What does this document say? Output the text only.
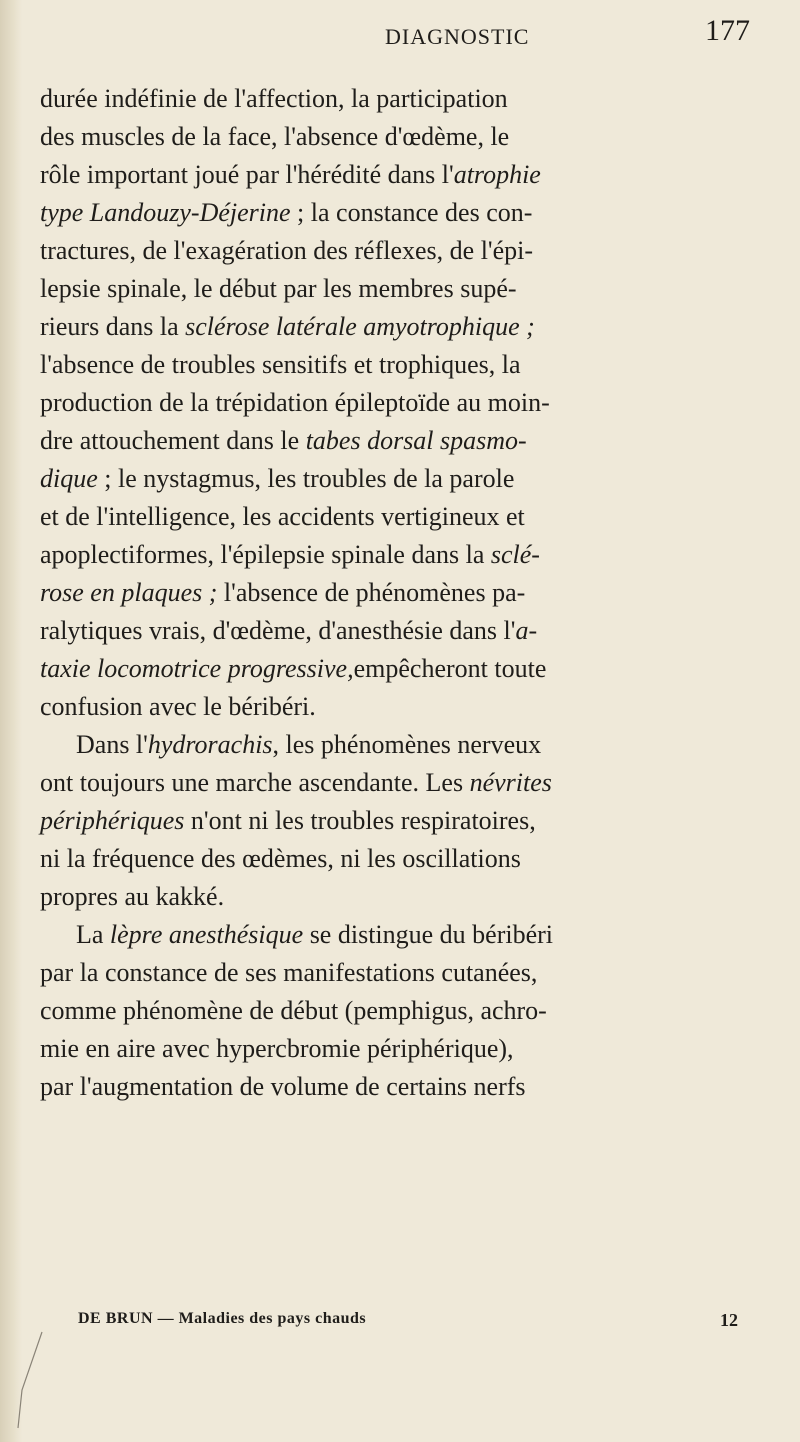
DIAGNOSTIC	177
durée indéfinie de l'affection, la participation
des muscles de la face, l'absence d'œdème, le
rôle important joué par l'hérédité dans l'atrophie
type Landouzy-Déjerine ; la constance des con-
tractures, de l'exagération des réflexes, de l'épi-
lepsie spinale, le début par les membres supé-
rieurs dans la sclérose latérale amyotrophique ;
l'absence de troubles sensitifs et trophiques, la
production de la trépidation épileptoïde au moin-
dre attouchement dans le tabes dorsal spasmo-
dique ; le nystagmus, les troubles de la parole
et de l'intelligence, les accidents vertigineux et
apoplectiformes, l'épilepsie spinale dans la sclé-
rose en plaques ; l'absence de phénomènes pa-
ralytiques vrais, d'œdème, d'anesthésie dans l'a-
taxie locomotrice progressive,empêcheront toute
confusion avec le béribéri.
Dans l'hydrorachis, les phénomènes nerveux
ont toujours une marche ascendante. Les névrites
périphériques n'ont ni les troubles respiratoires,
ni la fréquence des œdèmes, ni les oscillations
propres au kakké.
La lèpre anesthésique se distingue du béribéri
par la constance de ses manifestations cutanées,
comme phénomène de début (pemphigus, achro-
mie en aire avec hypercbromie périphérique),
par l'augmentation de volume de certains nerfs
DE BRUN — Maladies des pays chauds	12
